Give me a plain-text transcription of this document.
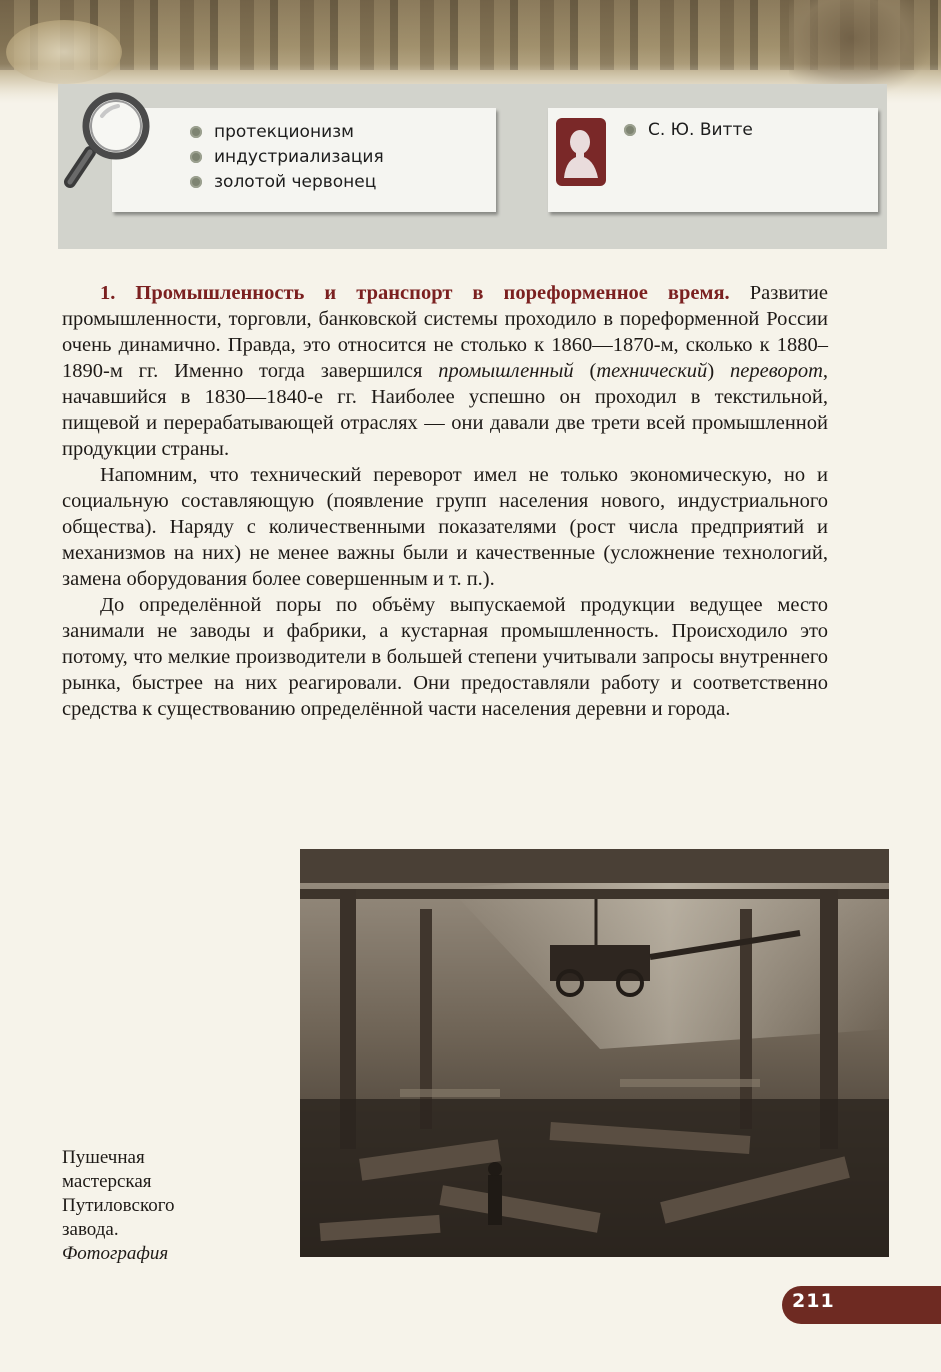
протекционизм
индустриализация
золотой червонец
С. Ю. Витте

1. Промышленность и транспорт в пореформенное время. Развитие промышленности, торговли, банковской системы проходило в пореформенной России очень динамично. Правда, это относится не столько к 1860—1870-м, сколько к 1880–1890-м гг. Именно тогда завершился промышленный (технический) переворот, начавшийся в 1830—1840-е гг. Наиболее успешно он проходил в текстильной, пищевой и перерабатывающей отраслях — они давали две трети всей промышленной продукции страны.

Напомним, что технический переворот имел не только экономическую, но и социальную составляющую (появление групп населения нового, индустриального общества). Наряду с количественными показателями (рост числа предприятий и механизмов на них) не менее важны были и качественные (усложнение технологий, замена оборудования более совершенным и т. п.).

До определённой поры по объёму выпускаемой продукции ведущее место занимали не заводы и фабрики, а кустарная промышленность. Происходило это потому, что мелкие производители в большей степени учитывали запросы внутреннего рынка, быстрее на них реагировали. Они предоставляли работу и соответственно средства к существованию определённой части населения деревни и города.

Пушечная
мастерская
Путиловского
завода.
Фотография
211
